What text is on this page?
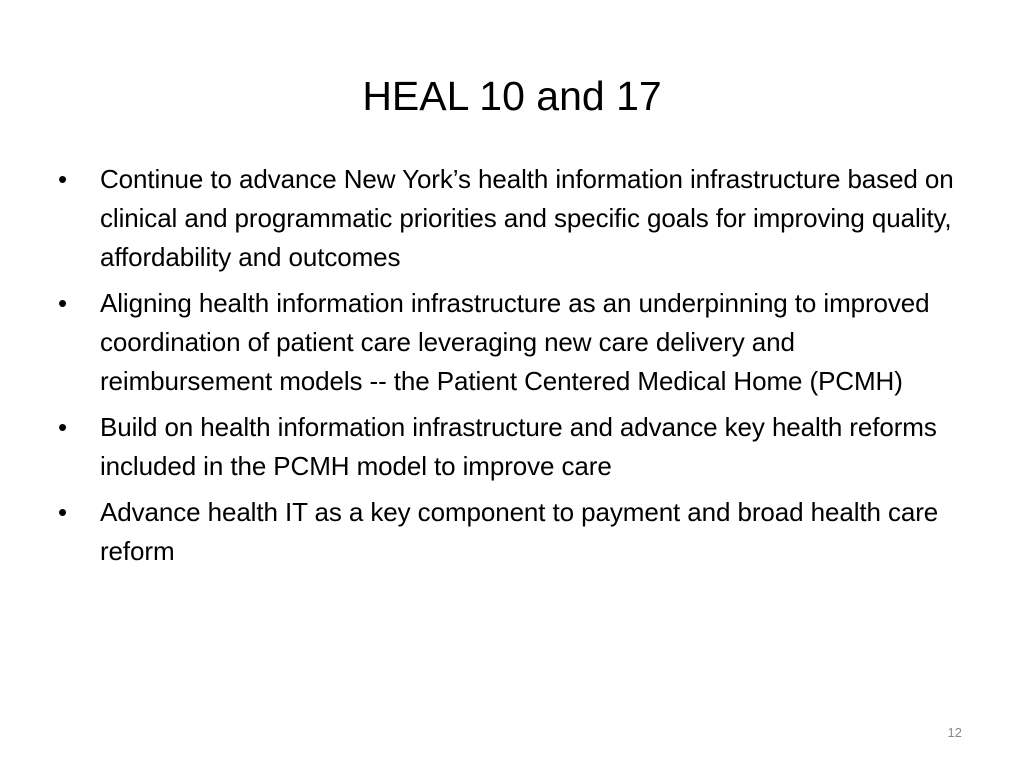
HEAL 10 and 17
•	Continue to advance New York’s health information infrastructure based on clinical and programmatic priorities and specific goals for improving quality, affordability and outcomes
•	Aligning health information infrastructure as an underpinning to improved coordination of patient care leveraging new care delivery and reimbursement models -- the Patient Centered Medical Home (PCMH)
•	Build on health information infrastructure and advance key health reforms included in the PCMH model to improve care
•	Advance health IT as a key component to payment and broad health care reform
12
